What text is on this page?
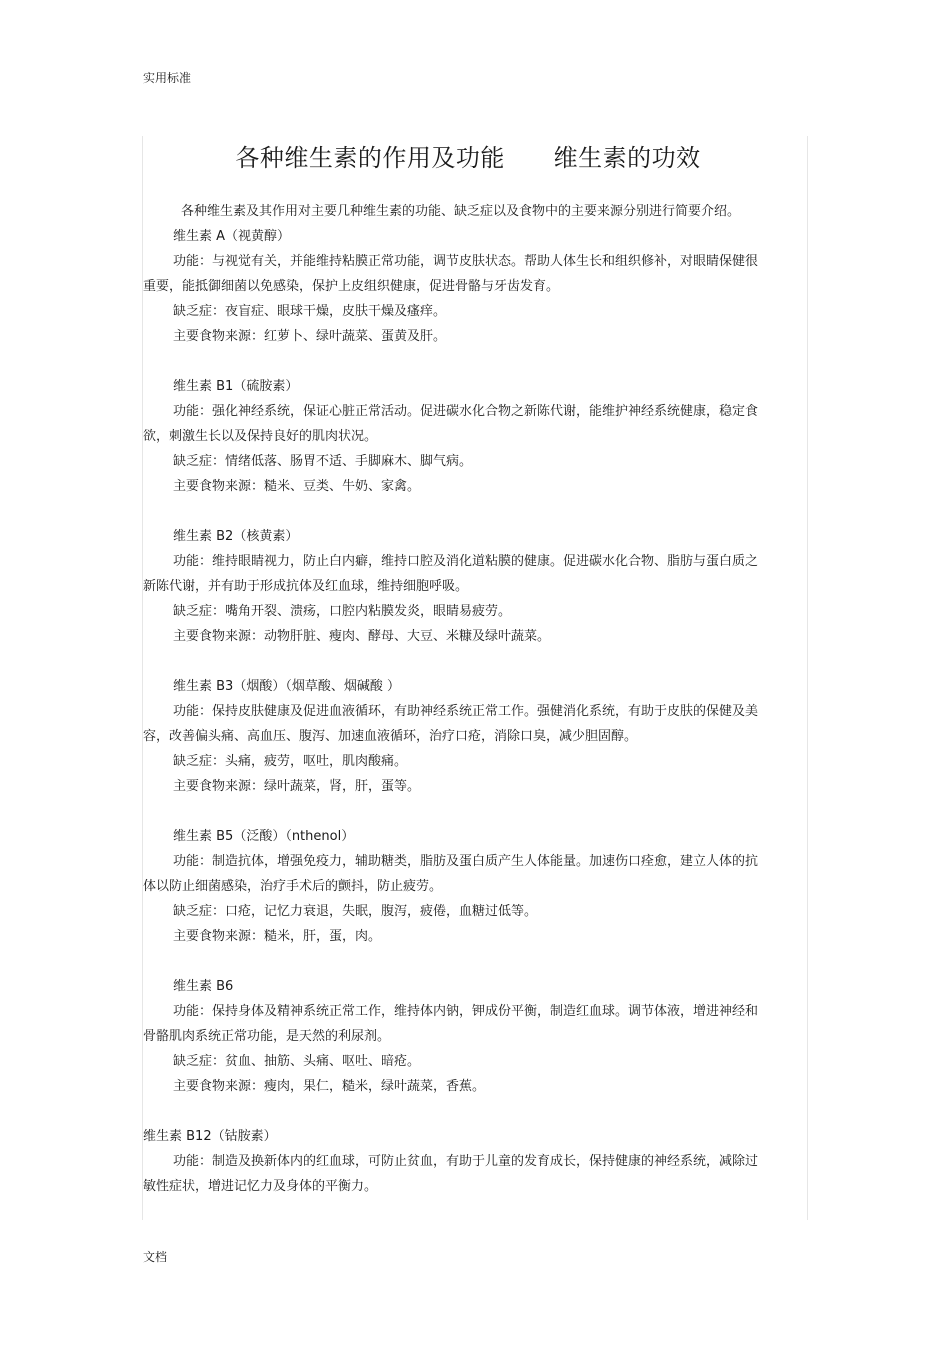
实用标准
各种维生素的作用及功能      维生素的功效

各种维生素及其作用对主要几种维生素的功能、缺乏症以及食物中的主要来源分别进行简要介绍。

维生素 A（视黄醇）

功能：与视觉有关，并能维持粘膜正常功能，调节皮肤状态。帮助人体生长和组织修补，对眼睛保健很重要，能抵御细菌以免感染，保护上皮组织健康，促进骨骼与牙齿发育。

缺乏症：夜盲症、眼球干燥，皮肤干燥及瘙痒。

主要食物来源：红萝卜、绿叶蔬菜、蛋黄及肝。

维生素 B1（硫胺素）

功能：强化神经系统，保证心脏正常活动。促进碳水化合物之新陈代谢，能维护神经系统健康，稳定食欲，刺激生长以及保持良好的肌肉状况。

缺乏症：情绪低落、肠胃不适、手脚麻木、脚气病。

主要食物来源：糙米、豆类、牛奶、家禽。

维生素 B2（核黄素）

功能：维持眼睛视力，防止白内癖，维持口腔及消化道粘膜的健康。促进碳水化合物、脂肪与蛋白质之新陈代谢，并有助于形成抗体及红血球，维持细胞呼吸。

缺乏症：嘴角开裂、溃疡，口腔内粘膜发炎，眼睛易疲劳。

主要食物来源：动物肝脏、瘦肉、酵母、大豆、米糠及绿叶蔬菜。

维生素 B3（烟酸）（烟草酸、烟碱酸 ）

功能：保持皮肤健康及促进血液循环，有助神经系统正常工作。强健消化系统，有助于皮肤的保健及美容，改善偏头痛、高血压、腹泻、加速血液循环，治疗口疮，消除口臭，减少胆固醇。

缺乏症：头痛，疲劳，呕吐，肌肉酸痛。

主要食物来源：绿叶蔬菜，肾，肝，蛋等。

维生素 B5（泛酸）（nthenol）

功能：制造抗体，增强免疫力，辅助糖类，脂肪及蛋白质产生人体能量。加速伤口痊愈，建立人体的抗体以防止细菌感染，治疗手术后的颤抖，防止疲劳。

缺乏症：口疮，记忆力衰退，失眠，腹泻，疲倦，血糖过低等。

主要食物来源：糙米，肝，蛋，肉。

维生素 B6

功能：保持身体及精神系统正常工作，维持体内钠，钾成份平衡，制造红血球。调节体液，增进神经和骨骼肌肉系统正常功能，是天然的利尿剂。

缺乏症：贫血、抽筋、头痛、呕吐、暗疮。

主要食物来源：瘦肉，果仁，糙米，绿叶蔬菜，香蕉。

维生素 B12（钴胺素）

功能：制造及换新体内的红血球，可防止贫血，有助于儿童的发育成长，保持健康的神经系统，减除过敏性症状，增进记忆力及身体的平衡力。

文档
